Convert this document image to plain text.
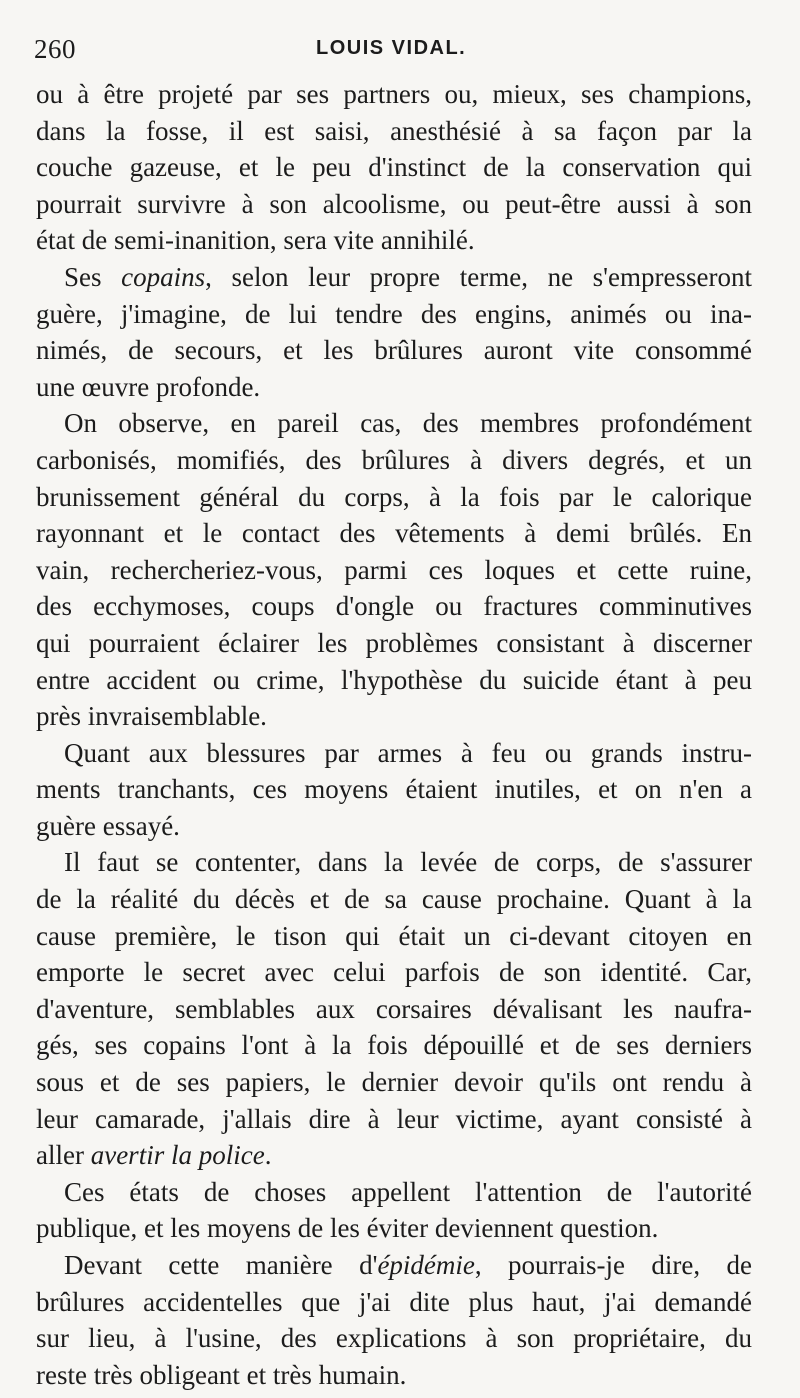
260	LOUIS VIDAL.
ou à être projeté par ses partners ou, mieux, ses champions,
dans la fosse, il est saisi, anesthésié à sa façon par la
couche gazeuse, et le peu d'instinct de la conservation qui
pourrait survivre à son alcoolisme, ou peut-être aussi à son
état de semi-inanition, sera vite annihilé.
Ses copains, selon leur propre terme, ne s'empresseront
guère, j'imagine, de lui tendre des engins, animés ou ina-
nimés, de secours, et les brûlures auront vite consommé
une œuvre profonde.
On observe, en pareil cas, des membres profondément
carbonisés, momifiés, des brûlures à divers degrés, et un
brunissement général du corps, à la fois par le calorique
rayonnant et le contact des vêtements à demi brûlés. En
vain, rechercheriez-vous, parmi ces loques et cette ruine,
des ecchymoses, coups d'ongle ou fractures comminutives
qui pourraient éclairer les problèmes consistant à discerner
entre accident ou crime, l'hypothèse du suicide étant à peu
près invraisemblable.
Quant aux blessures par armes à feu ou grands instru-
ments tranchants, ces moyens étaient inutiles, et on n'en a
guère essayé.
Il faut se contenter, dans la levée de corps, de s'assurer
de la réalité du décès et de sa cause prochaine. Quant à la
cause première, le tison qui était un ci-devant citoyen en
emporte le secret avec celui parfois de son identité. Car,
d'aventure, semblables aux corsaires dévalisant les naufra-
gés, ses copains l'ont à la fois dépouillé et de ses derniers
sous et de ses papiers, le dernier devoir qu'ils ont rendu à
leur camarade, j'allais dire à leur victime, ayant consisté à
aller avertir la police.
Ces états de choses appellent l'attention de l'autorité
publique, et les moyens de les éviter deviennent question.
Devant cette manière d'épidémie, pourrais-je dire, de
brûlures accidentelles que j'ai dite plus haut, j'ai demandé
sur lieu, à l'usine, des explications à son propriétaire, du
reste très obligeant et très humain.
